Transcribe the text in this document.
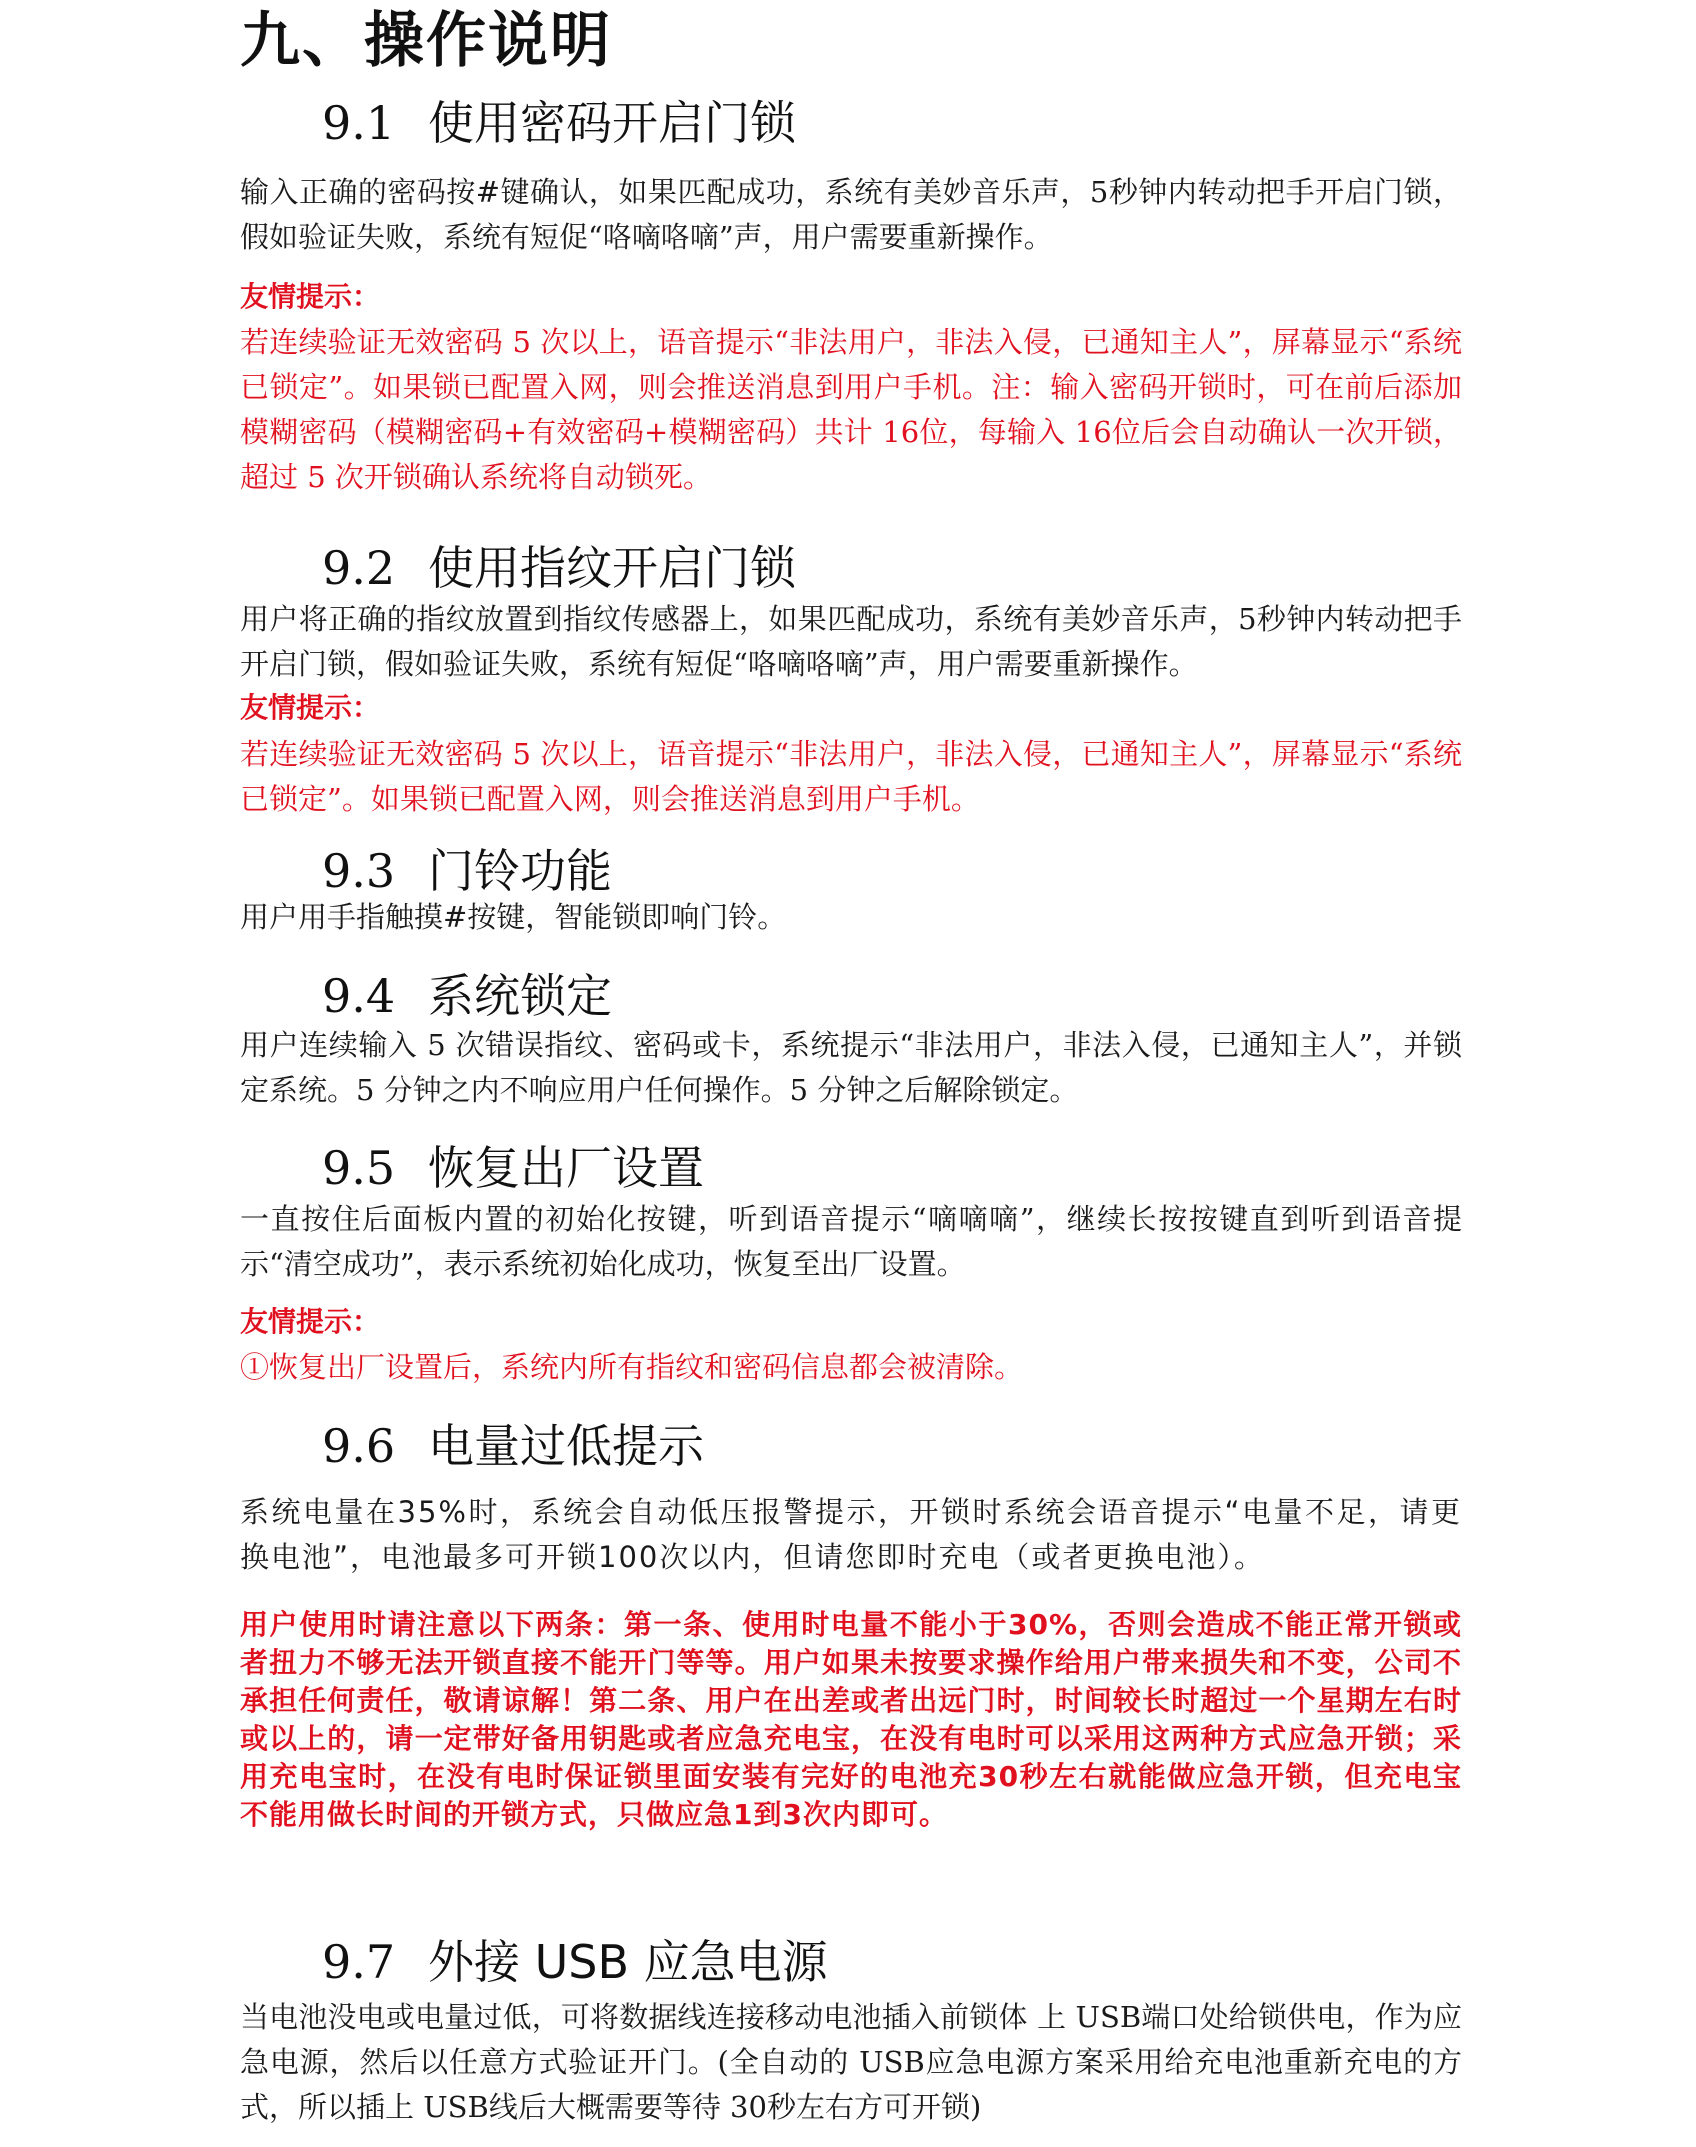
九、操作说明
9.1 使用密码开启门锁
输入正确的密码按#键确认，如果匹配成功，系统有美妙音乐声，5秒钟内转动把手开启门锁，假如验证失败，系统有短促“咯嘀咯嘀”声，用户需要重新操作。
友情提示：
若连续验证无效密码 5 次以上，语音提示“非法用户，非法入侵，已通知主人”，屏幕显示“系统已锁定”。如果锁已配置入网，则会推送消息到用户手机。注：输入密码开锁时，可在前后添加模糊密码（模糊密码+有效密码+模糊密码）共计 16位，每输入 16位后会自动确认一次开锁，超过 5 次开锁确认系统将自动锁死。
9.2 使用指纹开启门锁
用户将正确的指纹放置到指纹传感器上，如果匹配成功，系统有美妙音乐声，5秒钟内转动把手开启门锁，假如验证失败，系统有短促“咯嘀咯嘀”声，用户需要重新操作。
友情提示：
若连续验证无效密码 5 次以上，语音提示“非法用户，非法入侵，已通知主人”，屏幕显示“系统已锁定”。如果锁已配置入网，则会推送消息到用户手机。
9.3 门铃功能
用户用手指触摸#按键，智能锁即响门铃。
9.4 系统锁定
用户连续输入 5 次错误指纹、密码或卡，系统提示“非法用户，非法入侵，已通知主人”，并锁定系统。5 分钟之内不响应用户任何操作。5 分钟之后解除锁定。
9.5 恢复出厂设置
一直按住后面板内置的初始化按键，听到语音提示“嘀嘀嘀”，继续长按按键直到听到语音提示“清空成功”，表示系统初始化成功，恢复至出厂设置。
友情提示：
①恢复出厂设置后，系统内所有指纹和密码信息都会被清除。
9.6 电量过低提示
系统电量在35%时，系统会自动低压报警提示，开锁时系统会语音提示“电量不足，请更换电池”，电池最多可开锁100次以内，但请您即时充电（或者更换电池）。
用户使用时请注意以下两条：第一条、使用时电量不能小于30%，否则会造成不能正常开锁或者扭力不够无法开锁直接不能开门等等。用户如果未按要求操作给用户带来损失和不变，公司不承担任何责任，敬请谅解！第二条、用户在出差或者出远门时，时间较长时超过一个星期左右时或以上的，请一定带好备用钥匙或者应急充电宝，在没有电时可以采用这两种方式应急开锁；采用充电宝时，在没有电时保证锁里面安装有完好的电池充30秒左右就能做应急开锁，但充电宝不能用做长时间的开锁方式，只做应急1到3次内即可。
9.7 外接 USB 应急电源
当电池没电或电量过低，可将数据线连接移动电池插入前锁体 上 USB端口处给锁供电，作为应急电源，然后以任意方式验证开门。(全自动的 USB应急电源方案采用给充电池重新充电的方式，所以插上 USB线后大概需要等待 30秒左右方可开锁)
